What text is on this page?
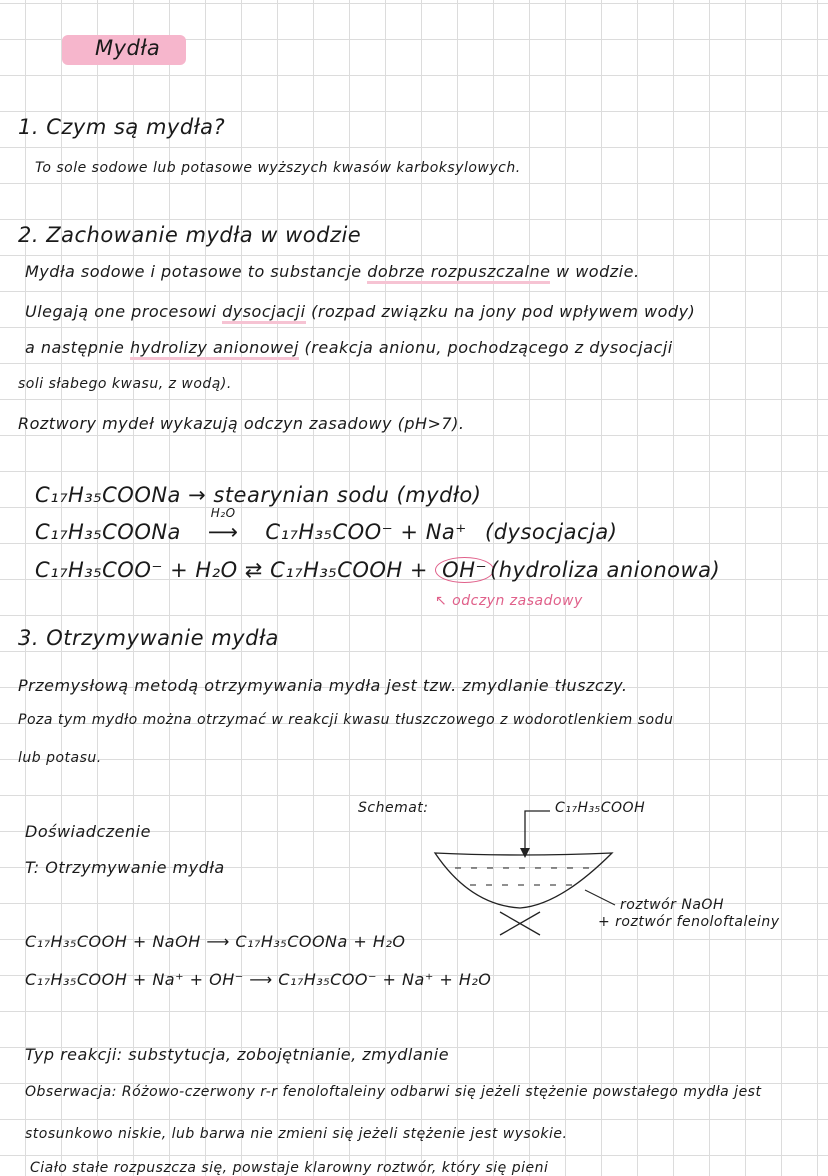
Mydła
1. Czym są mydła?
To sole sodowe lub potasowe wyższych kwasów karboksylowych.
2. Zachowanie mydła w wodzie
Mydła sodowe i potasowe to substancje dobrze rozpuszczalne w wodzie.
Ulegają one procesowi dysocjacji (rozpad związku na jony pod wpływem wody)
a następnie hydrolizy anionowej (reakcja anionu, pochodzącego z dysocjacji
soli słabego kwasu, z wodą).
Roztwory mydeł wykazują odczyn zasadowy (pH>7).
C₁₇H₃₅COONa → stearynian sodu (mydło)
C₁₇H₃₅COONa
H₂O
⟶ C₁₇H₃₅COO⁻ + Na⁺ (dysocjacja)
C₁₇H₃₅COO⁻ + H₂O ⇄ C₁₇H₃₅COOH + OH⁻ (hydroliza anionowa)
↖ odczyn zasadowy
3. Otrzymywanie mydła
Przemysłową metodą otrzymywania mydła jest tzw. zmydlanie tłuszczy.
Poza tym mydło można otrzymać w reakcji kwasu tłuszczowego z wodorotlenkiem sodu
lub potasu.
Schemat:	C₁₇H₃₅COOH
roztwór NaOH
+ roztwór fenoloftaleiny
Doświadczenie
T: Otrzymywanie mydła
C₁₇H₃₅COOH + NaOH ⟶ C₁₇H₃₅COONa + H₂O
C₁₇H₃₅COOH + Na⁺ + OH⁻ ⟶ C₁₇H₃₅COO⁻ + Na⁺ + H₂O
Typ reakcji: substytucja, zobojętnianie, zmydlanie
Obserwacja: Różowo-czerwony r-r fenoloftaleiny odbarwi się jeżeli stężenie powstałego mydła jest
stosunkowo niskie, lub barwa nie zmieni się jeżeli stężenie jest wysokie.
Ciało stałe rozpuszcza się, powstaje klarowny roztwór, który się pieni
